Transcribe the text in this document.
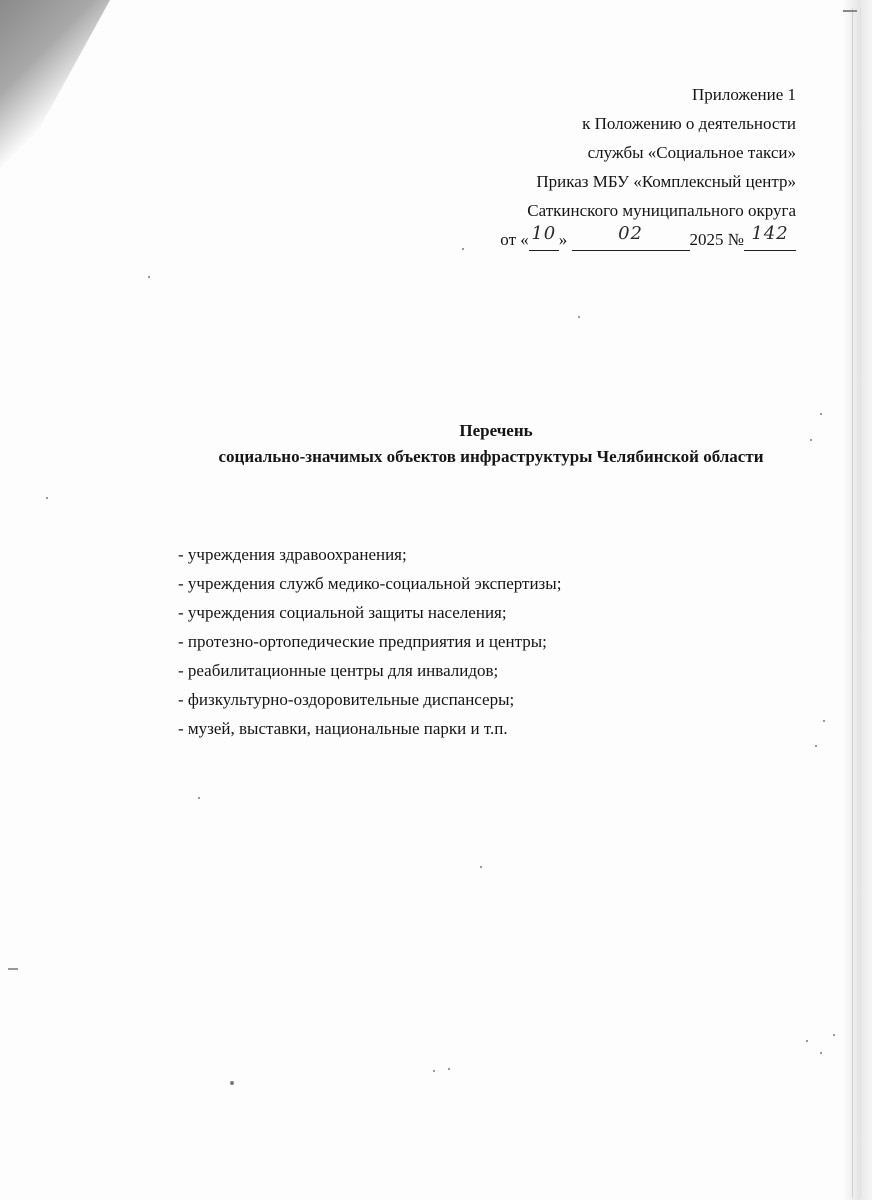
Приложение 1
к Положению о деятельности
службы «Социальное такси»
Приказ МБУ «Комплексный центр»
Саткинского муниципального округа
от « 10 »	02	2025 № 142
Перечень
социально-значимых объектов инфраструктуры Челябинской области
- учреждения здравоохранения;
- учреждения служб медико-социальной экспертизы;
- учреждения социальной защиты населения;
- протезно-ортопедические предприятия и центры;
- реабилитационные центры для инвалидов;
- физкультурно-оздоровительные диспансеры;
- музей, выставки, национальные парки и т.п.
